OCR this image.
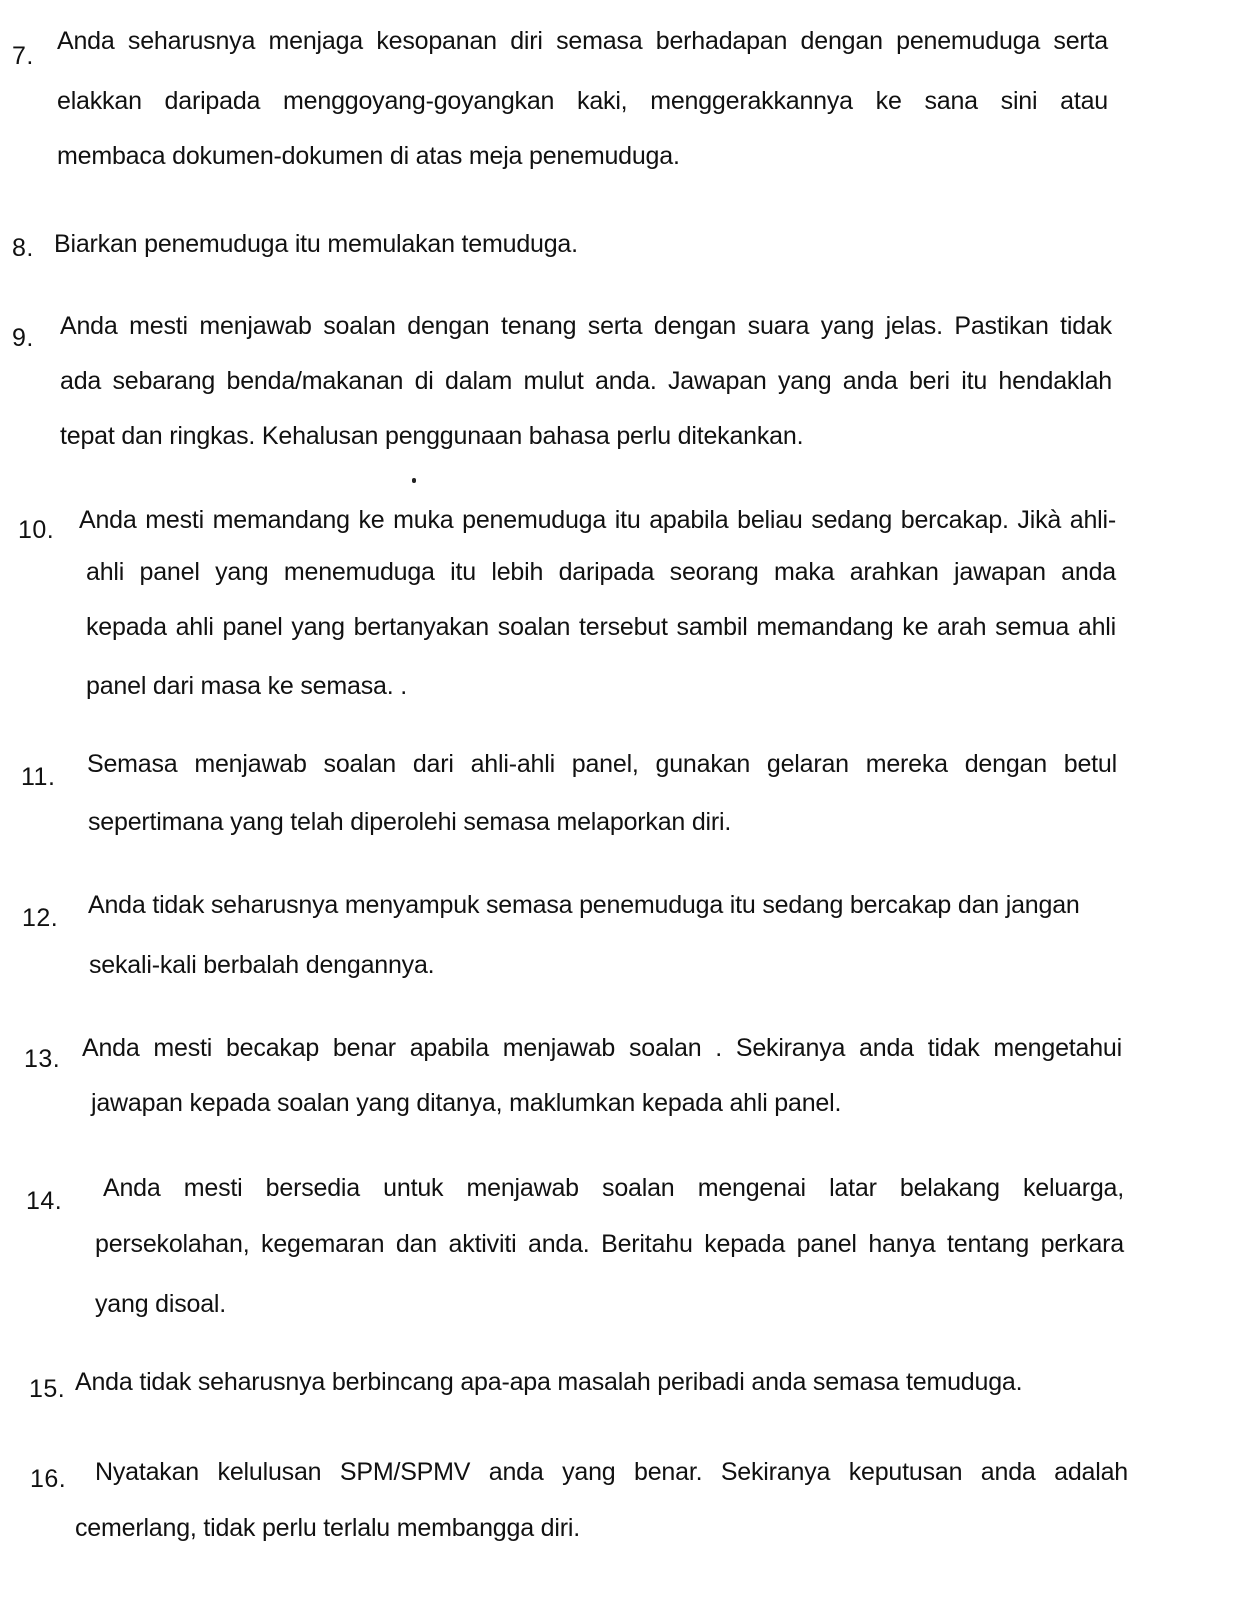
7.
Anda seharusnya menjaga kesopanan diri semasa berhadapan dengan penemuduga serta
elakkan daripada menggoyang-goyangkan kaki, menggerakkannya ke sana sini atau
membaca dokumen-dokumen di atas meja penemuduga.
8. Biarkan penemuduga itu memulakan temuduga.
9. Anda mesti menjawab soalan dengan tenang serta dengan suara yang jelas. Pastikan tidak
ada sebarang benda/makanan di dalam mulut anda. Jawapan yang anda beri itu hendaklah
tepat dan ringkas. Kehalusan penggunaan bahasa perlu ditekankan.
10. Anda mesti memandang ke muka penemuduga itu apabila beliau sedang bercakap. Jikà ahli-
ahli panel yang menemuduga itu lebih daripada seorang maka arahkan jawapan anda
kepada ahli panel yang bertanyakan soalan tersebut sambil memandang ke arah semua ahli
panel dari masa ke semasa. .
11. Semasa menjawab soalan dari ahli-ahli panel, gunakan gelaran mereka dengan betul
sepertimana yang telah diperolehi semasa melaporkan diri.
12. Anda tidak seharusnya menyampuk semasa penemuduga itu sedang bercakap dan jangan
sekali-kali berbalah dengannya.
13. Anda mesti becakap benar apabila menjawab soalan . Sekiranya anda tidak mengetahui
jawapan kepada soalan yang ditanya, maklumkan kepada ahli panel.
14. Anda mesti bersedia untuk menjawab soalan mengenai latar belakang keluarga,
persekolahan, kegemaran dan aktiviti anda. Beritahu kepada panel hanya tentang perkara
yang disoal.
15. Anda tidak seharusnya berbincang apa-apa masalah peribadi anda semasa temuduga.
16. Nyatakan kelulusan SPM/SPMV anda yang benar. Sekiranya keputusan anda adalah
cemerlang, tidak perlu terlalu membangga diri.
